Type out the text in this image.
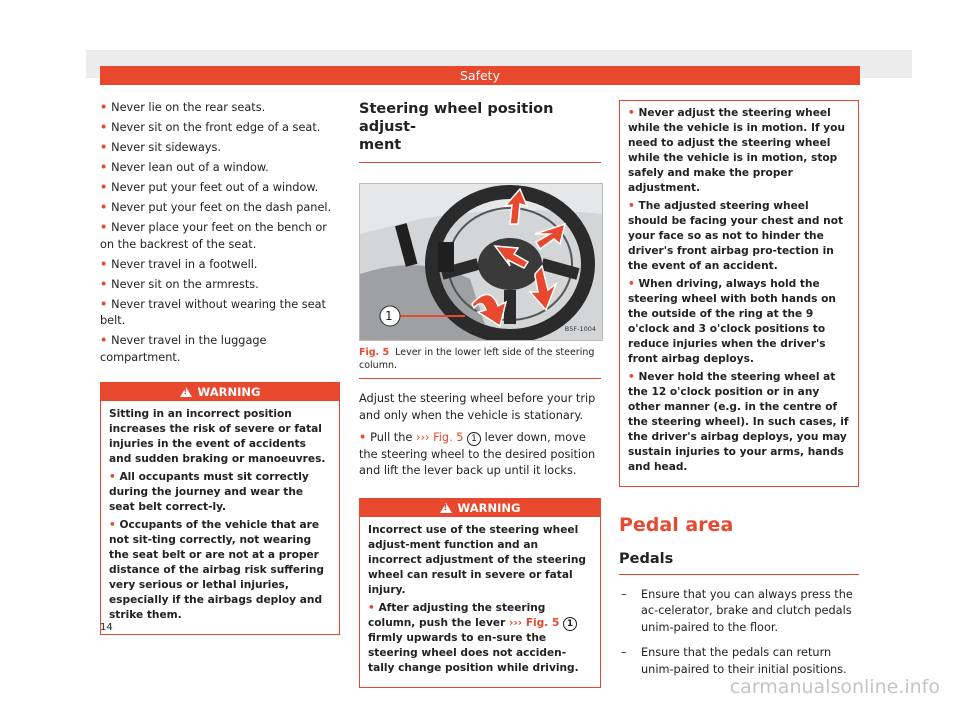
Safety
• Never lie on the rear seats.
• Never sit on the front edge of a seat.
• Never sit sideways.
• Never lean out of a window.
• Never put your feet out of a window.
• Never put your feet on the dash panel.
• Never place your feet on the bench or on the backrest of the seat.
• Never travel in a footwell.
• Never sit on the armrests.
• Never travel without wearing the seat belt.
• Never travel in the luggage compartment.
!WARNING

Sitting in an incorrect position increases the risk of severe or fatal injuries in the event of accidents and sudden braking or manoeuvres.

• All occupants must sit correctly during the journey and wear the seat belt correct-ly.

• Occupants of the vehicle that are not sit-ting correctly, not wearing the seat belt or are not at a proper distance of the airbag risk suffering very serious or lethal injuries, especially if the airbags deploy and strike them.

Steering wheel position adjust-
ment
1
B5F-1004
Fig. 5 Lever in the lower left side of the steering column.

Adjust the steering wheel before your trip and only when the vehicle is stationary.

• Pull the ››› Fig. 5 1 lever down, move the steering wheel to the desired position and lift the lever back up until it locks.

!WARNING

Incorrect use of the steering wheel adjust-ment function and an incorrect adjustment of the steering wheel can result in severe or fatal injury.

• After adjusting the steering column, push the lever ››› Fig. 5 1 firmly upwards to en-sure the steering wheel does not acciden-tally change position while driving.

• Never adjust the steering wheel while the vehicle is in motion. If you need to adjust the steering wheel while the vehicle is in motion, stop safely and make the proper adjustment.

• The adjusted steering wheel should be facing your chest and not your face so as not to hinder the driver's front airbag pro-tection in the event of an accident.

• When driving, always hold the steering wheel with both hands on the outside of the ring at the 9 o'clock and 3 o'clock positions to reduce injuries when the driver's front airbag deploys.

• Never hold the steering wheel at the 12 o'clock position or in any other manner (e.g. in the centre of the steering wheel). In such cases, if the driver's airbag deploys, you may sustain injuries to your arms, hands and head.

Pedal area
Pedals
– Ensure that you can always press the ac-celerator, brake and clutch pedals unim-paired to the floor.
– Ensure that the pedals can return unim-paired to their initial positions.
14
carmanualsonline.info
